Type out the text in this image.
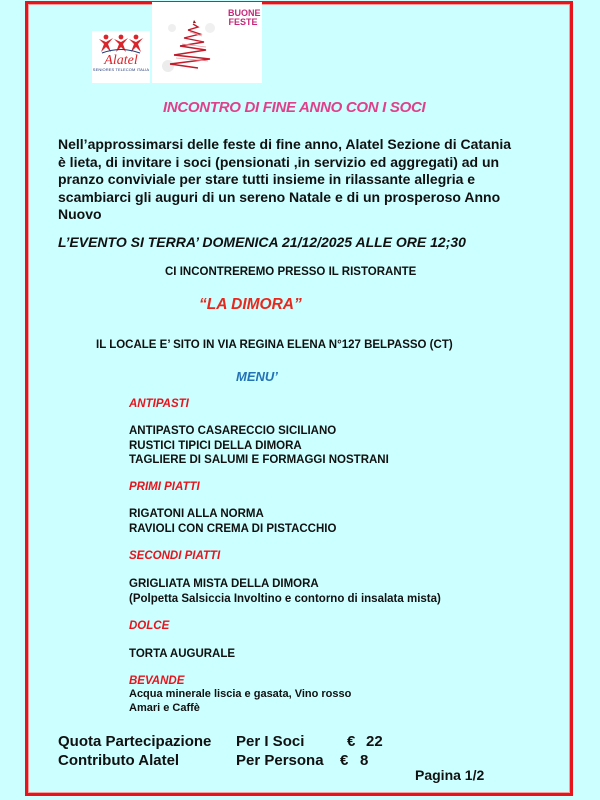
Alatel
SENIORES TELECOM ITALIA
BUONE
FESTE
INCONTRO DI FINE ANNO CON I SOCI
Nell’approssimarsi delle feste di fine anno, Alatel Sezione di Catania
è lieta, di invitare i soci (pensionati ,in servizio ed aggregati) ad un
pranzo conviviale per stare tutti insieme in rilassante allegria e
scambiarci gli auguri di un sereno Natale e di un prosperoso Anno
Nuovo
L’EVENTO SI TERRA’ DOMENICA 21/12/2025 ALLE ORE 12;30
CI INCONTREREMO PRESSO IL RISTORANTE
“LA DIMORA”
IL LOCALE E’ SITO IN VIA REGINA ELENA N°127 BELPASSO (CT)
MENU’
ANTIPASTI
ANTIPASTO CASARECCIO SICILIANO
RUSTICI TIPICI DELLA DIMORA
TAGLIERE DI SALUMI E FORMAGGI NOSTRANI
PRIMI PIATTI
RIGATONI ALLA NORMA
RAVIOLI CON CREMA DI PISTACCHIO
SECONDI PIATTI
GRIGLIATA MISTA DELLA DIMORA
(Polpetta Salsiccia Involtino e contorno di insalata mista)
DOLCE
TORTA AUGURALE
BEVANDE
Acqua minerale liscia e gasata, Vino rosso
Amari e Caffè
Quota Partecipazione Per I Soci	€ 22
Contributo Alatel	Per Persona € 8
Pagina 1/2
